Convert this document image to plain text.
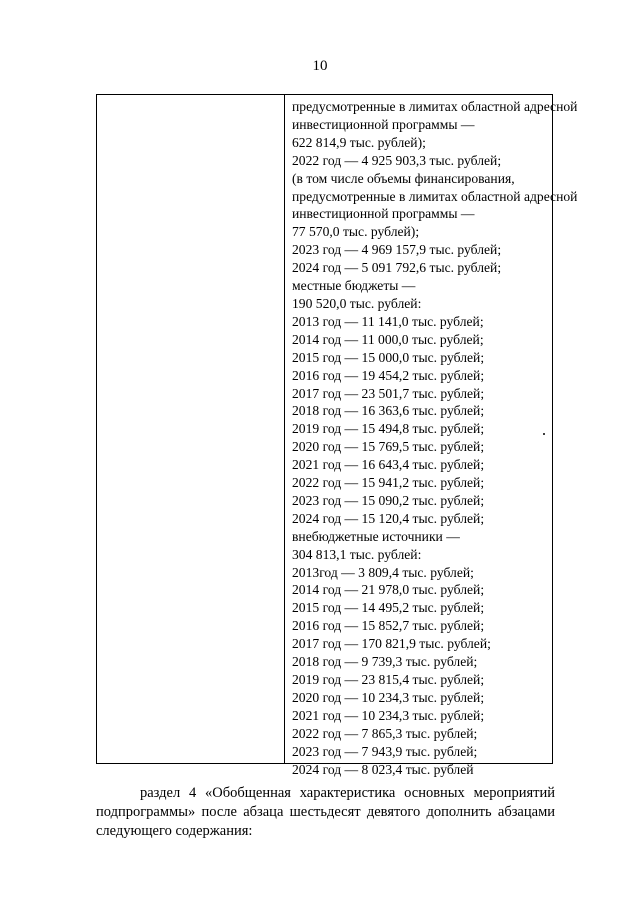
10
предусмотренные в лимитах областной адресной
инвестиционной программы —
622 814,9 тыс. рублей);
2022 год — 4 925 903,3 тыс. рублей;
(в том числе объемы финансирования,
предусмотренные в лимитах областной адресной
инвестиционной программы —
77 570,0 тыс. рублей);
2023 год — 4 969 157,9 тыс. рублей;
2024 год — 5 091 792,6 тыс. рублей;
местные бюджеты —
190 520,0 тыс. рублей:
2013 год — 11 141,0 тыс. рублей;
2014 год — 11 000,0 тыс. рублей;
2015 год — 15 000,0 тыс. рублей;
2016 год — 19 454,2 тыс. рублей;
2017 год — 23 501,7 тыс. рублей;
2018 год — 16 363,6 тыс. рублей;
2019 год — 15 494,8 тыс. рублей;
2020 год — 15 769,5 тыс. рублей;
2021 год — 16 643,4 тыс. рублей;
2022 год — 15 941,2 тыс. рублей;
2023 год — 15 090,2 тыс. рублей;
2024 год — 15 120,4 тыс. рублей;
внебюджетные источники —
304 813,1 тыс. рублей:
2013год — 3 809,4 тыс. рублей;
2014 год — 21 978,0 тыс. рублей;
2015 год — 14 495,2 тыс. рублей;
2016 год — 15 852,7 тыс. рублей;
2017 год — 170 821,9 тыс. рублей;
2018 год — 9 739,3 тыс. рублей;
2019 год — 23 815,4 тыс. рублей;
2020 год — 10 234,3 тыс. рублей;
2021 год — 10 234,3 тыс. рублей;
2022 год — 7 865,3 тыс. рублей;
2023 год — 7 943,9 тыс. рублей;
2024 год — 8 023,4 тыс. рублей
раздел 4 «Обобщенная характеристика основных мероприятий
подпрограммы» после абзаца шестьдесят девятого дополнить абзацами
следующего содержания:
